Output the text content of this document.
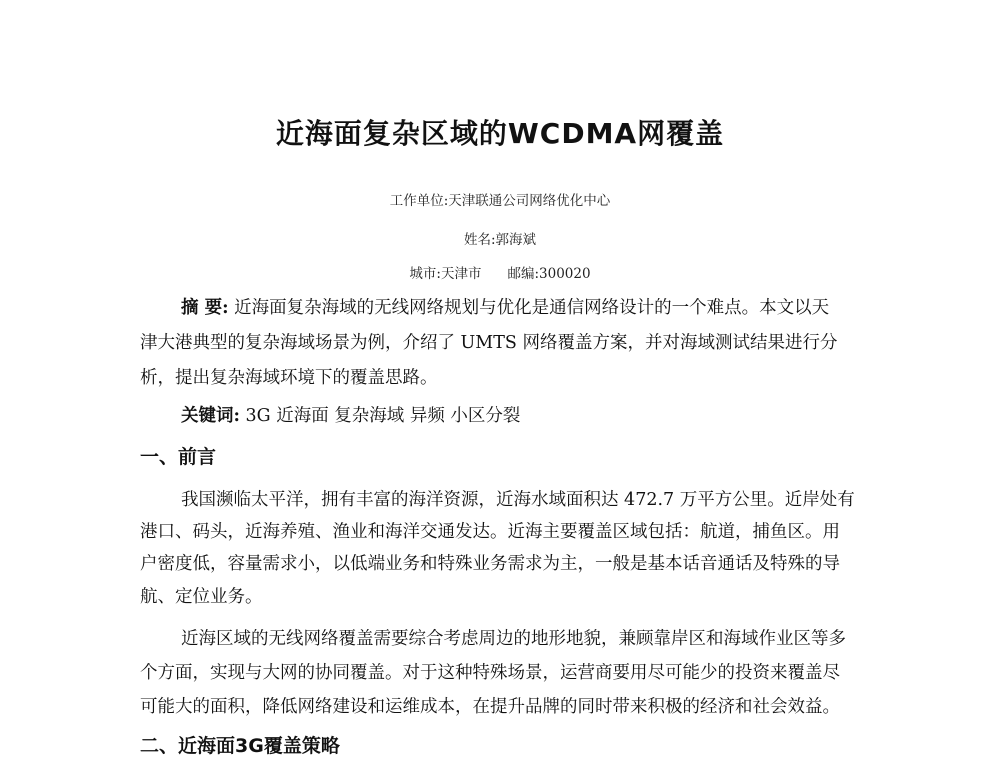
近海面复杂区域的WCDMA网覆盖
工作单位:天津联通公司网络优化中心
姓名:郭海斌
城市:天津市 邮编:300020
摘 要: 近海面复杂海域的无线网络规划与优化是通信网络设计的一个难点。本文以天
津大港典型的复杂海域场景为例，介绍了 UMTS 网络覆盖方案，并对海域测试结果进行分
析，提出复杂海域环境下的覆盖思路。
关键词: 3G 近海面 复杂海域 异频 小区分裂
一、前言
我国濒临太平洋，拥有丰富的海洋资源，近海水域面积达 472.7 万平方公里。近岸处有
港口、码头，近海养殖、渔业和海洋交通发达。近海主要覆盖区域包括：航道，捕鱼区。用
户密度低，容量需求小，以低端业务和特殊业务需求为主，一般是基本话音通话及特殊的导
航、定位业务。
近海区域的无线网络覆盖需要综合考虑周边的地形地貌，兼顾靠岸区和海域作业区等多
个方面，实现与大网的协同覆盖。对于这种特殊场景，运营商要用尽可能少的投资来覆盖尽
可能大的面积，降低网络建设和运维成本，在提升品牌的同时带来积极的经济和社会效益。
二、近海面3G覆盖策略
